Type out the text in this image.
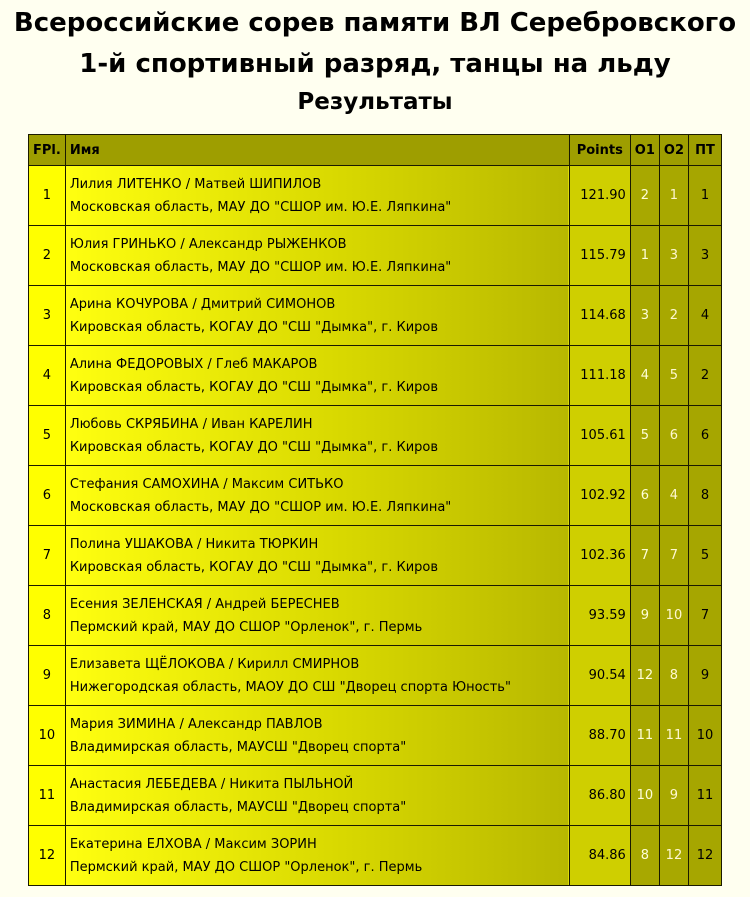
Всероссийские сорев памяти ВЛ Серебровского
1-й спортивный разряд, танцы на льду
Результаты
FPl.	Имя	Points	O1	O2	ПТ
1	Лилия ЛИТЕНКО / Матвей ШИПИЛОВ
Московская область, МАУ ДО "СШОР им. Ю.Е. Ляпкина"	121.90	2	1	1
2	Юлия ГРИНЬКО / Александр РЫЖЕНКОВ
Московская область, МАУ ДО "СШОР им. Ю.Е. Ляпкина"	115.79	1	3	3
3	Арина КОЧУРОВА / Дмитрий СИМОНОВ
Кировская область, КОГАУ ДО "СШ "Дымка", г. Киров	114.68	3	2	4
4	Алина ФЕДОРОВЫХ / Глеб МАКАРОВ
Кировская область, КОГАУ ДО "СШ "Дымка", г. Киров	111.18	4	5	2
5	Любовь СКРЯБИНА / Иван КАРЕЛИН
Кировская область, КОГАУ ДО "СШ "Дымка", г. Киров	105.61	5	6	6
6	Стефания САМОХИНА / Максим СИТЬКО
Московская область, МАУ ДО "СШОР им. Ю.Е. Ляпкина"	102.92	6	4	8
7	Полина УШАКОВА / Никита ТЮРКИН
Кировская область, КОГАУ ДО "СШ "Дымка", г. Киров	102.36	7	7	5
8	Есения ЗЕЛЕНСКАЯ / Андрей БЕРЕСНЕВ
Пермский край, МАУ ДО СШОР "Орленок", г. Пермь	93.59	9	10	7
9	Елизавета ЩЁЛОКОВА / Кирилл СМИРНОВ
Нижегородская область, МАОУ ДО СШ "Дворец спорта Юность"	90.54	12	8	9
10	Мария ЗИМИНА / Александр ПАВЛОВ
Владимирская область, МАУСШ "Дворец спорта"	88.70	11	11	10
11	Анастасия ЛЕБЕДЕВА / Никита ПЫЛЬНОЙ
Владимирская область, МАУСШ "Дворец спорта"	86.80	10	9	11
12	Екатерина ЕЛХОВА / Максим ЗОРИН
Пермский край, МАУ ДО СШОР "Орленок", г. Пермь	84.86	8	12	12
